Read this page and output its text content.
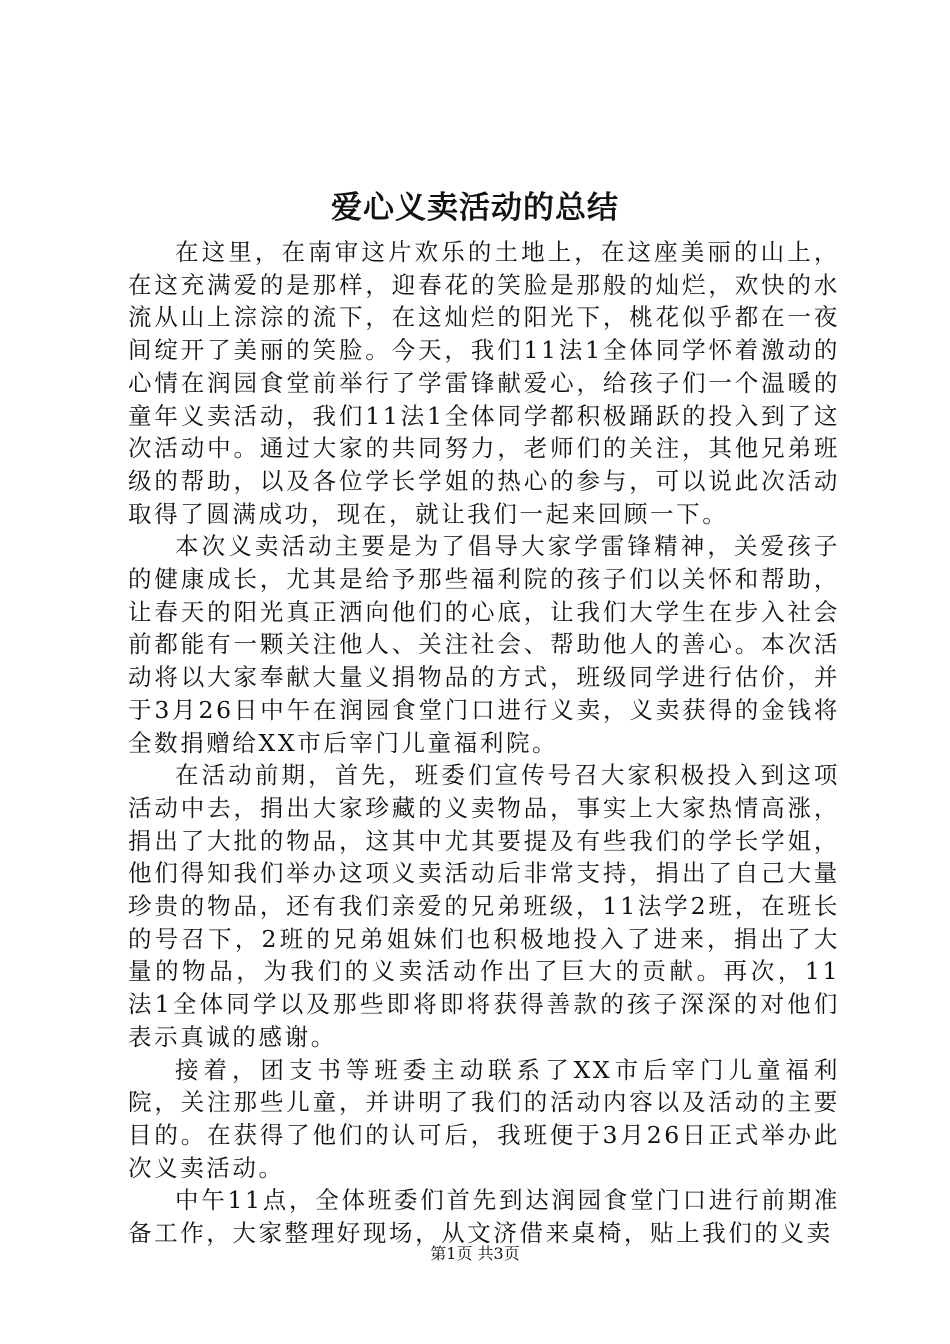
爱心义卖活动的总结

在这里，在南审这片欢乐的土地上，在这座美丽的山上，在这充满爱的是那样，迎春花的笑脸是那般的灿烂，欢快的水流从山上淙淙的流下，在这灿烂的阳光下，桃花似乎都在一夜间绽开了美丽的笑脸。今天，我们11法1全体同学怀着激动的心情在润园食堂前举行了学雷锋献爱心，给孩子们一个温暖的童年义卖活动，我们11法1全体同学都积极踊跃的投入到了这次活动中。通过大家的共同努力，老师们的关注，其他兄弟班级的帮助，以及各位学长学姐的热心的参与，可以说此次活动取得了圆满成功，现在，就让我们一起来回顾一下。

本次义卖活动主要是为了倡导大家学雷锋精神，关爱孩子的健康成长，尤其是给予那些福利院的孩子们以关怀和帮助，让春天的阳光真正洒向他们的心底，让我们大学生在步入社会前都能有一颗关注他人、关注社会、帮助他人的善心。本次活动将以大家奉献大量义捐物品的方式，班级同学进行估价，并于3月26日中午在润园食堂门口进行义卖，义卖获得的金钱将全数捐赠给XX市后宰门儿童福利院。

在活动前期，首先，班委们宣传号召大家积极投入到这项活动中去，捐出大家珍藏的义卖物品，事实上大家热情高涨，捐出了大批的物品，这其中尤其要提及有些我们的学长学姐，他们得知我们举办这项义卖活动后非常支持，捐出了自己大量珍贵的物品，还有我们亲爱的兄弟班级，11法学2班，在班长的号召下，2班的兄弟姐妹们也积极地投入了进来，捐出了大量的物品，为我们的义卖活动作出了巨大的贡献。再次，11法1全体同学以及那些即将即将获得善款的孩子深深的对他们表示真诚的感谢。

接着，团支书等班委主动联系了XX市后宰门儿童福利院，关注那些儿童，并讲明了我们的活动内容以及活动的主要目的。在获得了他们的认可后，我班便于3月26日正式举办此次义卖活动。

中午11点，全体班委们首先到达润园食堂门口进行前期准备工作，大家整理好现场，从文济借来桌椅，贴上我们的义卖

第1页 共3页
